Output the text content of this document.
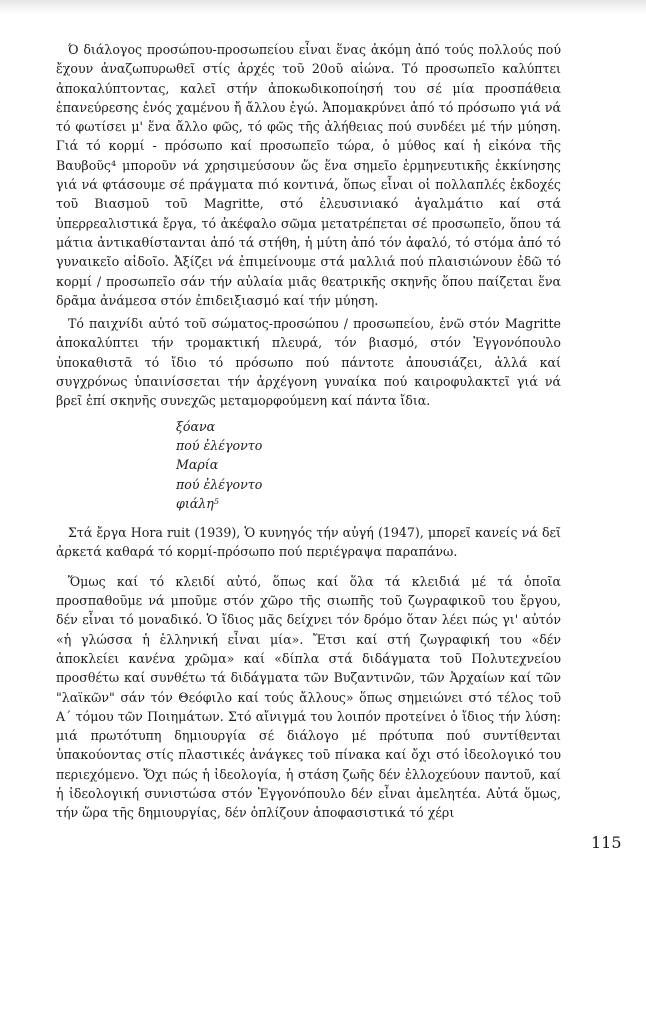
Ό διάλογος προσώπου-προσωπείου εἶναι ἕνας ἀκόμη ἀπό τούς πολλούς πού ἔχουν ἀναζωπυρωθεῖ στίς ἀρχές τοῦ 20οῦ αἰώνα. Τό προσωπεῖο καλύπτει ἀποκαλύπτοντας, καλεῖ στήν ἀποκωδικοποίησή του σέ μία προσπάθεια ἐπανεύρεσης ἑνός χαμένου ἤ ἄλλου ἐγώ. Ἀπομακρύνει ἀπό τό πρόσωπο γιά νά τό φωτίσει μ' ἕνα ἄλλο φῶς, τό φῶς τῆς ἀλήθειας πού συνδέει μέ τήν μύηση. Γιά τό κορμί - πρόσωπο καί προσωπεῖο τώρα, ὁ μύθος καί ἡ εἰκόνα τῆς Βαυβοῦς⁴ μποροῦν νά χρησιμεύσουν ὥς ἕνα σημεῖο ἑρμηνευτικῆς ἐκκίνησης γιά νά φτάσουμε σέ πράγματα πιό κοντινά, ὅπως εἶναι οἱ πολλαπλές ἐκδοχές τοῦ Βιασμοῦ τοῦ Magritte, στό ἐλευσινιακό ἀγαλμάτιο καί στά ὑπερρεαλιστικά ἔργα, τό ἀκέφαλο σῶμα μετατρέπεται σέ προσωπεῖο, ὅπου τά μάτια ἀντικαθίστανται ἀπό τά στήθη, ἡ μύτη ἀπό τόν ἀφαλό, τό στόμα ἀπό τό γυναικεῖο αἰδοῖο. Ἀξίζει νά ἐπιμείνουμε στά μαλλιά πού πλαισιώνουν ἐδῶ τό κορμί / προσωπεῖο σάν τήν αὐλαία μιᾶς θεατρικῆς σκηνῆς ὅπου παίζεται ἕνα δρᾶμα ἀνάμεσα στόν ἐπιδειξιασμό καί τήν μύηση.

Τό παιχνίδι αὐτό τοῦ σώματος-προσώπου / προσωπείου, ἐνῶ στόν Magritte ἀποκαλύπτει τήν τρομακτική πλευρά, τόν βιασμό, στόν Ἐγγονόπουλο ὑποκαθιστᾶ τό ἴδιο τό πρόσωπο πού πάντοτε ἀπουσιάζει, ἀλλά καί συγχρόνως ὑπαινίσσεται τήν ἀρχέγονη γυναίκα πού καιροφυλακτεῖ γιά νά βρεῖ ἐπί σκηνῆς συνεχῶς μεταμορφούμενη καί πάντα ἴδια.

ξόανα
πού ἐλέγοντο
Μαρία
πού ἐλέγοντο
φιάλη⁵

Στά ἔργα Hora ruit (1939), Ὁ κυνηγός τήν αὐγή (1947), μπορεῖ κανείς νά δεῖ ἀρκετά καθαρά τό κορμί-πρόσωπο πού περιέγραψα παραπάνω.

Ὅμως καί τό κλειδί αὐτό, ὅπως καί ὅλα τά κλειδιά μέ τά ὁποῖα προσπαθοῦμε νά μποῦμε στόν χῶρο τῆς σιωπῆς τοῦ ζωγραφικοῦ του ἔργου, δέν εἶναι τό μοναδικό. Ὁ ἴδιος μᾶς δείχνει τόν δρόμο ὅταν λέει πώς γι' αὐτόν «ἡ γλώσσα ἡ ἑλληνική εἶναι μία». Ἔτσι καί στή ζωγραφική του «δέν ἀποκλείει κανένα χρῶμα» καί «δίπλα στά διδάγματα τοῦ Πολυτεχνείου προσθέτω καί συνθέτω τά διδάγματα τῶν Βυζαντινῶν, τῶν Ἀρχαίων καί τῶν "λαϊκῶν" σάν τόν Θεόφιλο καί τούς ἄλλους» ὅπως σημειώνει στό τέλος τοῦ Α΄ τόμου τῶν Ποιημάτων. Στό αἴνιγμά του λοιπόν προτείνει ὁ ἴδιος τήν λύση: μιά πρωτότυπη δημιουργία σέ διάλογο μέ πρότυπα πού συντίθενται ὑπακούοντας στίς πλαστικές ἀνάγκες τοῦ πίνακα καί ὄχι στό ἰδεολογικό του περιεχόμενο. Ὄχι πώς ἡ ἰδεολογία, ἡ στάση ζωῆς δέν ἐλλοχεύουν παντοῦ, καί ἡ ἰδεολογική συνιστώσα στόν Ἐγγονόπουλο δέν εἶναι ἀμελητέα. Αὐτά ὅμως, τήν ὥρα τῆς δημιουργίας, δέν ὁπλίζουν ἀποφασιστικά τό χέρι

115
